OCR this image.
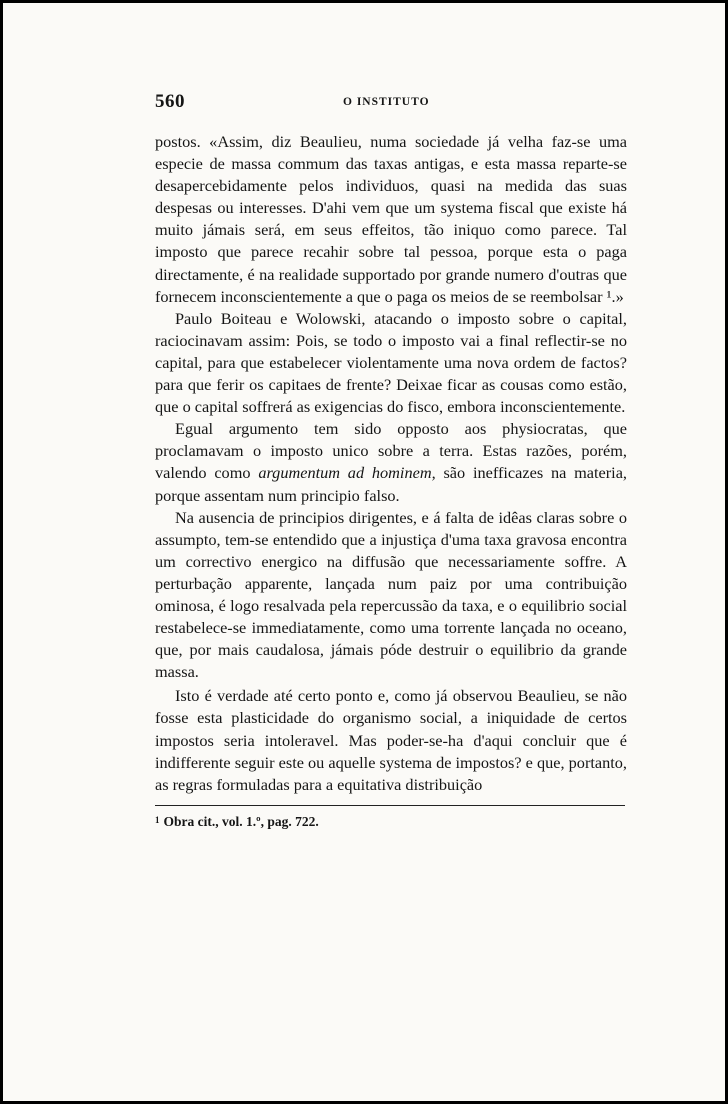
560	O INSTITUTO

postos. «Assim, diz Beaulieu, numa sociedade já velha faz-se uma especie de massa commum das taxas antigas, e esta massa reparte-se desapercebidamente pelos individuos, quasi na medida das suas despesas ou interesses. D'ahi vem que um systema fiscal que existe há muito jámais será, em seus effeitos, tão iniquo como parece. Tal imposto que parece recahir sobre tal pessoa, porque esta o paga directamente, é na realidade supportado por grande numero d'outras que fornecem inconscientemente a que o paga os meios de se reembolsar ¹.»

Paulo Boiteau e Wolowski, atacando o imposto sobre o capital, raciocinavam assim: Pois, se todo o imposto vai a final reflectir-se no capital, para que estabelecer violentamente uma nova ordem de factos? para que ferir os capitaes de frente? Deixae ficar as cousas como estão, que o capital soffrerá as exigencias do fisco, embora inconscientemente.

Egual argumento tem sido opposto aos physiocratas, que proclamavam o imposto unico sobre a terra. Estas razões, porém, valendo como argumentum ad hominem, são inefficazes na materia, porque assentam num principio falso.

Na ausencia de principios dirigentes, e á falta de idêas claras sobre o assumpto, tem-se entendido que a injustiça d'uma taxa gravosa encontra um correctivo energico na diffusão que necessariamente soffre. A perturbação apparente, lançada num paiz por uma contribuição ominosa, é logo resalvada pela repercussão da taxa, e o equilibrio social restabelece-se immediatamente, como uma torrente lançada no oceano, que, por mais caudalosa, jámais póde destruir o equilibrio da grande massa.

Isto é verdade até certo ponto e, como já observou Beaulieu, se não fosse esta plasticidade do organismo social, a iniquidade de certos impostos seria intoleravel. Mas poder-se-ha d'aqui concluir que é indifferente seguir este ou aquelle systema de impostos? e que, portanto, as regras formuladas para a equitativa distribuição

$^1$ Obra cit., vol. 1.º, pag. 722.
